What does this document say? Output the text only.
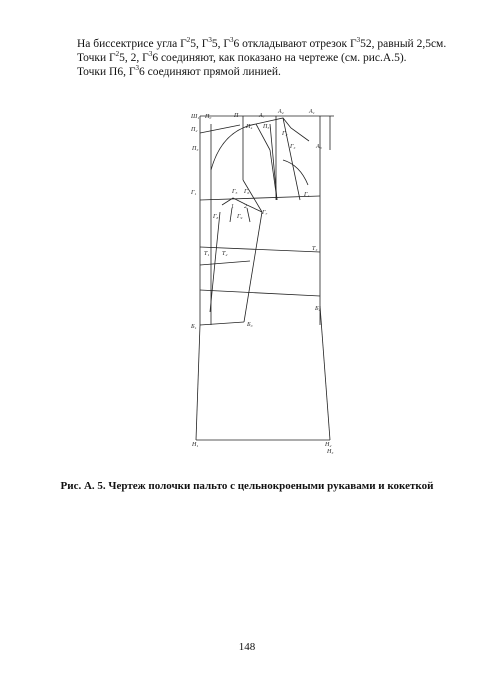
На биссектрисе угла $Г^25$, $Г^35$, $Г^36$ откладывают отрезок $Г^352$, равный 2,5см.
Точки $Г^25$, 2, $Г^36$ соединяют, как показано на чертеже (см. рис.А.5).
Точки П6, $Г^36$ соединяют прямой линией.
Ш₁ П₀	П	A₇
A₂	A₁
П₂
П₃
П₄ П₅
Г₂
Г₃	A₃
Г₁	Г₅ Г₆	Г₄
1 2
Г₇
Г₈	Г₉
T₁ T₂
T₃
Б₁	Б₃
Б₂
Н₁	Н₂
Н₃
Рис. А. 5. Чертеж полочки пальто с цельнокроеными рукавами и кокеткой
148
